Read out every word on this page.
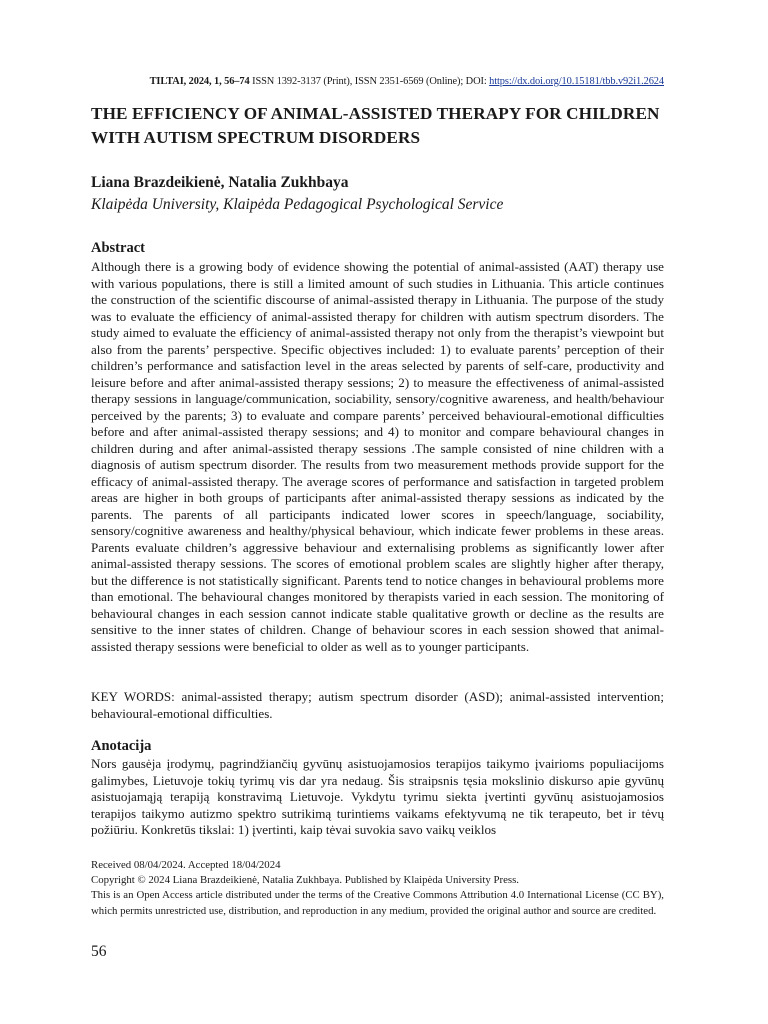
TILTAI, 2024, 1, 56–74 ISSN 1392-3137 (Print), ISSN 2351-6569 (Online); DOI: https://dx.doi.org/10.15181/tbb.v92i1.2624
THE EFFICIENCY OF ANIMAL-ASSISTED THERAPY FOR CHILDREN WITH AUTISM SPECTRUM DISORDERS

Liana Brazdeikienė, Natalia Zukhbaya

Klaipėda University, Klaipėda Pedagogical Psychological Service

Abstract

Although there is a growing body of evidence showing the potential of animal-assisted (AAT) therapy use with various populations, there is still a limited amount of such studies in Lithuania. This article continues the construction of the scientific discourse of animal-assisted therapy in Lithuania. The purpose of the study was to evaluate the efficiency of animal-assisted therapy for children with autism spectrum disorders. The study aimed to evaluate the efficiency of animal-assisted therapy not only from the therapist’s viewpoint but also from the parents’ perspective. Specific objectives included: 1) to evaluate parents’ perception of their children’s performance and satisfaction level in the areas selected by parents of self-care, productivity and leisure before and after animal-assisted therapy sessions; 2) to measure the effectiveness of animal-assisted therapy sessions in language/communication, sociability, sensory/cognitive awareness, and health/behaviour perceived by the parents; 3) to evaluate and compare parents’ perceived behavioural-emotional difficulties before and after animal-assisted therapy sessions; and 4) to monitor and compare behavioural changes in children during and after animal-assisted therapy sessions .The sample consisted of nine children with a diagnosis of autism spectrum disorder. The results from two measurement methods provide support for the efficacy of animal-assisted therapy. The average scores of performance and satisfaction in targeted problem areas are higher in both groups of participants after animal-assisted therapy sessions as indicated by the parents. The parents of all participants indicated lower scores in speech/language, sociability, sensory/cognitive awareness and healthy/physical behaviour, which indicate fewer problems in these areas. Parents evaluate children’s aggressive behaviour and externalising problems as significantly lower after animal-assisted therapy sessions. The scores of emotional problem scales are slightly higher after therapy, but the difference is not statistically significant. Parents tend to notice changes in behavioural problems more than emotional. The behavioural changes monitored by therapists varied in each session. The monitoring of behavioural changes in each session cannot indicate stable qualitative growth or decline as the results are sensitive to the inner states of children. Change of behaviour scores in each session showed that animal-assisted therapy sessions were beneficial to older as well as to younger participants.

KEY WORDS: animal-assisted therapy; autism spectrum disorder (ASD); animal-assisted intervention; behavioural-emotional difficulties.

Anotacija

Nors gausėja įrodymų, pagrindžiančių gyvūnų asistuojamosios terapijos taikymo įvairioms populiacijoms galimybes, Lietuvoje tokių tyrimų vis dar yra nedaug. Šis straipsnis tęsia mokslinio diskurso apie gyvūnų asistuojamąją terapiją konstravimą Lietuvoje. Vykdytu tyrimu siekta įvertinti gyvūnų asistuojamosios terapijos taikymo autizmo spektro sutrikimą turintiems vaikams efektyvumą ne tik terapeuto, bet ir tėvų požiūriu. Konkretūs tikslai: 1) įvertinti, kaip tėvai suvokia savo vaikų veiklos

Received 08/04/2024. Accepted 18/04/2024

Copyright © 2024 Liana Brazdeikienė, Natalia Zukhbaya. Published by Klaipėda University Press.

This is an Open Access article distributed under the terms of the Creative Commons Attribution 4.0 International License (CC BY), which permits unrestricted use, distribution, and reproduction in any medium, provided the original author and source are credited.

56
